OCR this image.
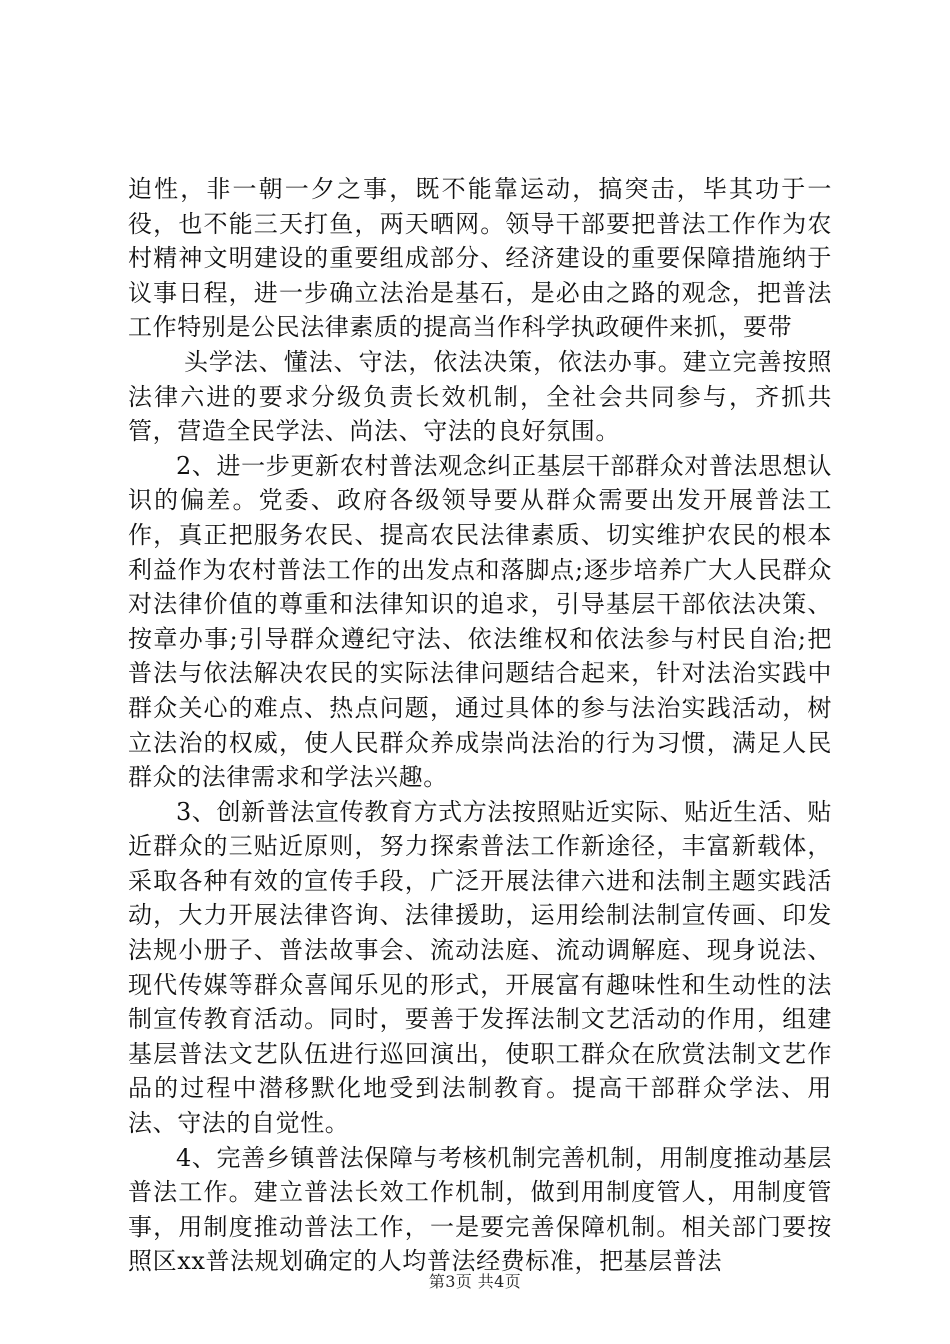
迫性，非一朝一夕之事，既不能靠运动，搞突击，毕其功于一役，也不能三天打鱼，两天晒网。领导干部要把普法工作作为农村精神文明建设的重要组成部分、经济建设的重要保障措施纳于议事日程，进一步确立法治是基石，是必由之路的观念，把普法工作特别是公民法律素质的提高当作科学执政硬件来抓，要带

头学法、懂法、守法，依法决策，依法办事。建立完善按照法律六进的要求分级负责长效机制，全社会共同参与，齐抓共管，营造全民学法、尚法、守法的良好氛围。

2、进一步更新农村普法观念纠正基层干部群众对普法思想认识的偏差。党委、政府各级领导要从群众需要出发开展普法工作，真正把服务农民、提高农民法律素质、切实维护农民的根本利益作为农村普法工作的出发点和落脚点;逐步培养广大人民群众对法律价值的尊重和法律知识的追求，引导基层干部依法决策、按章办事;引导群众遵纪守法、依法维权和依法参与村民自治;把普法与依法解决农民的实际法律问题结合起来，针对法治实践中群众关心的难点、热点问题，通过具体的参与法治实践活动，树立法治的权威，使人民群众养成崇尚法治的行为习惯，满足人民群众的法律需求和学法兴趣。

3、创新普法宣传教育方式方法按照贴近实际、贴近生活、贴近群众的三贴近原则，努力探索普法工作新途径，丰富新载体，采取各种有效的宣传手段，广泛开展法律六进和法制主题实践活动，大力开展法律咨询、法律援助，运用绘制法制宣传画、印发法规小册子、普法故事会、流动法庭、流动调解庭、现身说法、现代传媒等群众喜闻乐见的形式，开展富有趣味性和生动性的法制宣传教育活动。同时，要善于发挥法制文艺活动的作用，组建基层普法文艺队伍进行巡回演出，使职工群众在欣赏法制文艺作品的过程中潜移默化地受到法制教育。提高干部群众学法、用法、守法的自觉性。

4、完善乡镇普法保障与考核机制完善机制，用制度推动基层普法工作。建立普法长效工作机制，做到用制度管人，用制度管事，用制度推动普法工作，一是要完善保障机制。相关部门要按照区xx普法规划确定的人均普法经费标准，把基层普法

第3页 共4页
